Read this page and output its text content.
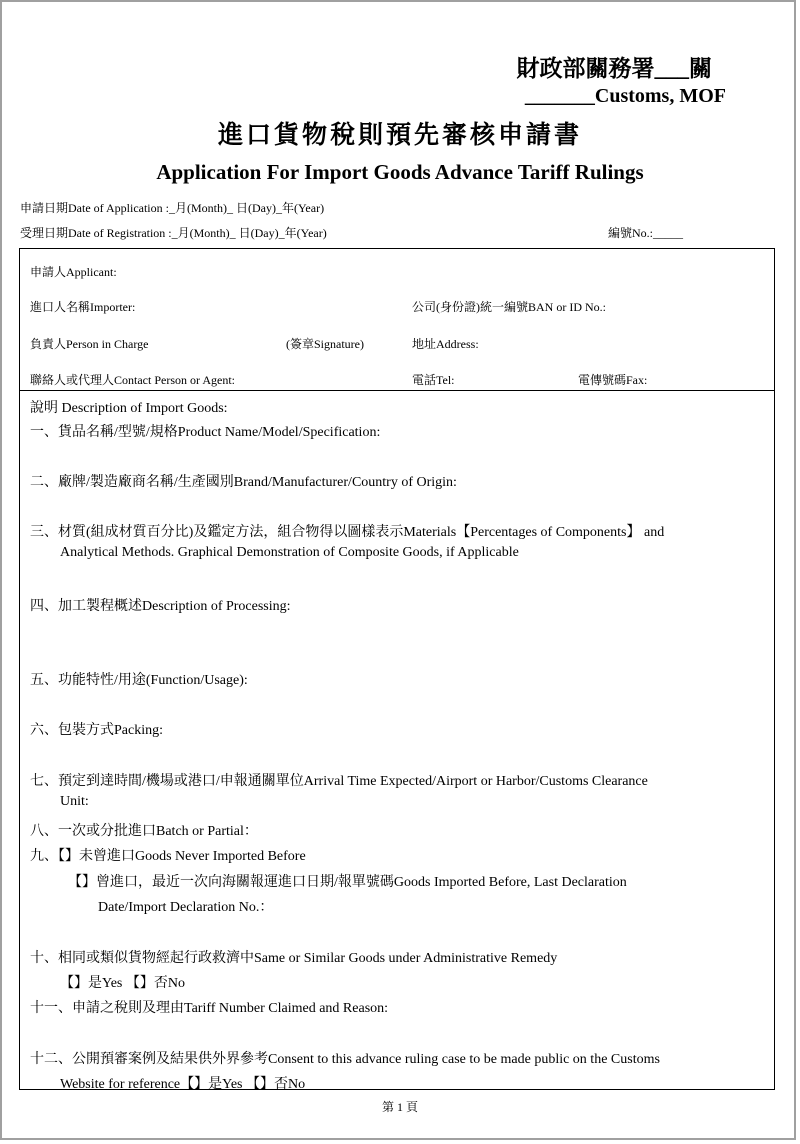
財政部關務署___關
_______Customs, MOF
進口貨物稅則預先審核申請書
Application For Import Goods Advance Tariff Rulings
申請日期Date of Application :_月(Month)_ 日(Day)_年(Year)
受理日期Date of Registration :_月(Month)_ 日(Day)_年(Year)	編號No.:_____
申請人Applicant:
進口人名稱Importer:	公司(身份證)統一編號BAN or ID No.:
負責人Person in Charge	(簽章Signature)	地址Address:
聯絡人或代理人Contact Person or Agent:	電話Tel:	電傳號碼Fax:
說明 Description of Import Goods:
一、貨品名稱/型號/規格Product Name/Model/Specification:
二、廠牌/製造廠商名稱/生產國別Brand/Manufacturer/Country of Origin:
三、材質(組成材質百分比)及鑑定方法，組合物得以圖樣表示Materials【Percentages of Components】 and
Analytical Methods. Graphical Demonstration of Composite Goods, if Applicable
四、加工製程概述Description of Processing:
五、功能特性/用途(Function/Usage):
六、包裝方式Packing:
七、預定到達時間/機場或港口/申報通關單位Arrival Time Expected/Airport or Harbor/Customs Clearance
Unit:
八、一次或分批進口Batch or Partial：
九、【】未曾進口Goods Never Imported Before
【】曾進口，最近一次向海關報運進口日期/報單號碼Goods Imported Before, Last Declaration
Date/Import Declaration No.：
十、相同或類似貨物經起行政救濟中Same or Similar Goods under Administrative Remedy
【】是Yes 【】否No
十一、申請之稅則及理由Tariff Number Claimed and Reason:
十二、公開預審案例及結果供外界參考Consent to this advance ruling case to be made public on the Customs
Website for reference【】是Yes 【】否No
第 1 頁
